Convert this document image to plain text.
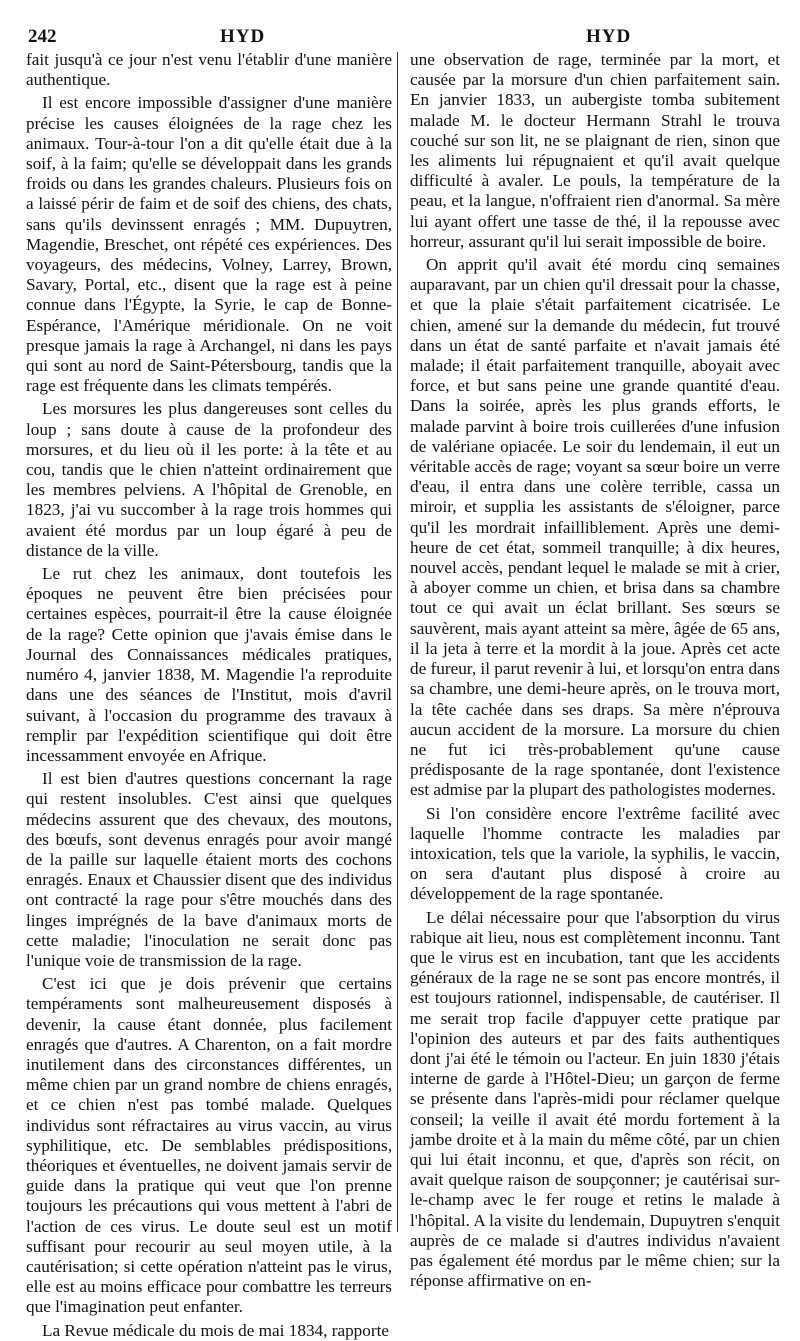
242	HYD	HYD

fait jusqu'à ce jour n'est venu l'établir d'une manière authentique.

Il est encore impossible d'assigner d'une manière précise les causes éloignées de la rage chez les animaux. Tour-à-tour l'on a dit qu'elle était due à la soif, à la faim; qu'elle se développait dans les grands froids ou dans les grandes chaleurs. Plusieurs fois on a laissé périr de faim et de soif des chiens, des chats, sans qu'ils devinssent enragés ; MM. Dupuytren, Magendie, Breschet, ont répété ces expériences. Des voyageurs, des médecins, Volney, Larrey, Brown, Savary, Portal, etc., disent que la rage est à peine connue dans l'Égypte, la Syrie, le cap de Bonne-Espérance, l'Amérique méridionale. On ne voit presque jamais la rage à Archangel, ni dans les pays qui sont au nord de Saint-Pétersbourg, tandis que la rage est fréquente dans les climats tempérés.

Les morsures les plus dangereuses sont celles du loup ; sans doute à cause de la profondeur des morsures, et du lieu où il les porte: à la tête et au cou, tandis que le chien n'atteint ordinairement que les membres pelviens. A l'hôpital de Grenoble, en 1823, j'ai vu succomber à la rage trois hommes qui avaient été mordus par un loup égaré à peu de distance de la ville.

Le rut chez les animaux, dont toutefois les époques ne peuvent être bien précisées pour certaines espèces, pourrait-il être la cause éloignée de la rage? Cette opinion que j'avais émise dans le Journal des Connaissances médicales pratiques, numéro 4, janvier 1838, M. Magendie l'a reproduite dans une des séances de l'Institut, mois d'avril suivant, à l'occasion du programme des travaux à remplir par l'expédition scientifique qui doit être incessamment envoyée en Afrique.

Il est bien d'autres questions concernant la rage qui restent insolubles. C'est ainsi que quelques médecins assurent que des chevaux, des moutons, des bœufs, sont devenus enragés pour avoir mangé de la paille sur laquelle étaient morts des cochons enragés. Enaux et Chaussier disent que des individus ont contracté la rage pour s'être mouchés dans des linges imprégnés de la bave d'animaux morts de cette maladie; l'inoculation ne serait donc pas l'unique voie de transmission de la rage.

C'est ici que je dois prévenir que certains tempéraments sont malheureusement disposés à devenir, la cause étant donnée, plus facilement enragés que d'autres. A Charenton, on a fait mordre inutilement dans des circonstances différentes, un même chien par un grand nombre de chiens enragés, et ce chien n'est pas tombé malade. Quelques individus sont réfractaires au virus vaccin, au virus syphilitique, etc. De semblables prédispositions, théoriques et éventuelles, ne doivent jamais servir de guide dans la pratique qui veut que l'on prenne toujours les précautions qui vous mettent à l'abri de l'action de ces virus. Le doute seul est un motif suffisant pour recourir au seul moyen utile, à la cautérisation; si cette opération n'atteint pas le virus, elle est au moins efficace pour combattre les terreurs que l'imagination peut enfanter.

La Revue médicale du mois de mai 1834, rapporte

une observation de rage, terminée par la mort, et causée par la morsure d'un chien parfaitement sain. En janvier 1833, un aubergiste tomba subitement malade M. le docteur Hermann Strahl le trouva couché sur son lit, ne se plaignant de rien, sinon que les aliments lui répugnaient et qu'il avait quelque difficulté à avaler. Le pouls, la température de la peau, et la langue, n'offraient rien d'anormal. Sa mère lui ayant offert une tasse de thé, il la repousse avec horreur, assurant qu'il lui serait impossible de boire.

On apprit qu'il avait été mordu cinq semaines auparavant, par un chien qu'il dressait pour la chasse, et que la plaie s'était parfaitement cicatrisée. Le chien, amené sur la demande du médecin, fut trouvé dans un état de santé parfaite et n'avait jamais été malade; il était parfaitement tranquille, aboyait avec force, et but sans peine une grande quantité d'eau. Dans la soirée, après les plus grands efforts, le malade parvint à boire trois cuillerées d'une infusion de valériane opiacée. Le soir du lendemain, il eut un véritable accès de rage; voyant sa sœur boire un verre d'eau, il entra dans une colère terrible, cassa un miroir, et supplia les assistants de s'éloigner, parce qu'il les mordrait infailliblement. Après une demi-heure de cet état, sommeil tranquille; à dix heures, nouvel accès, pendant lequel le malade se mit à crier, à aboyer comme un chien, et brisa dans sa chambre tout ce qui avait un éclat brillant. Ses sœurs se sauvèrent, mais ayant atteint sa mère, âgée de 65 ans, il la jeta à terre et la mordit à la joue. Après cet acte de fureur, il parut revenir à lui, et lorsqu'on entra dans sa chambre, une demi-heure après, on le trouva mort, la tête cachée dans ses draps. Sa mère n'éprouva aucun accident de la morsure. La morsure du chien ne fut ici très-probablement qu'une cause prédisposante de la rage spontanée, dont l'existence est admise par la plupart des pathologistes modernes.

Si l'on considère encore l'extrême facilité avec laquelle l'homme contracte les maladies par intoxication, tels que la variole, la syphilis, le vaccin, on sera d'autant plus disposé à croire au développement de la rage spontanée.

Le délai nécessaire pour que l'absorption du virus rabique ait lieu, nous est complètement inconnu. Tant que le virus est en incubation, tant que les accidents généraux de la rage ne se sont pas encore montrés, il est toujours rationnel, indispensable, de cautériser. Il me serait trop facile d'appuyer cette pratique par l'opinion des auteurs et par des faits authentiques dont j'ai été le témoin ou l'acteur. En juin 1830 j'étais interne de garde à l'Hôtel-Dieu; un garçon de ferme se présente dans l'après-midi pour réclamer quelque conseil; la veille il avait été mordu fortement à la jambe droite et à la main du même côté, par un chien qui lui était inconnu, et que, d'après son récit, on avait quelque raison de soupçonner; je cautérisai sur-le-champ avec le fer rouge et retins le malade à l'hôpital. A la visite du lendemain, Dupuytren s'enquit auprès de ce malade si d'autres individus n'avaient pas également été mordus par le même chien; sur la réponse affirmative on en-
